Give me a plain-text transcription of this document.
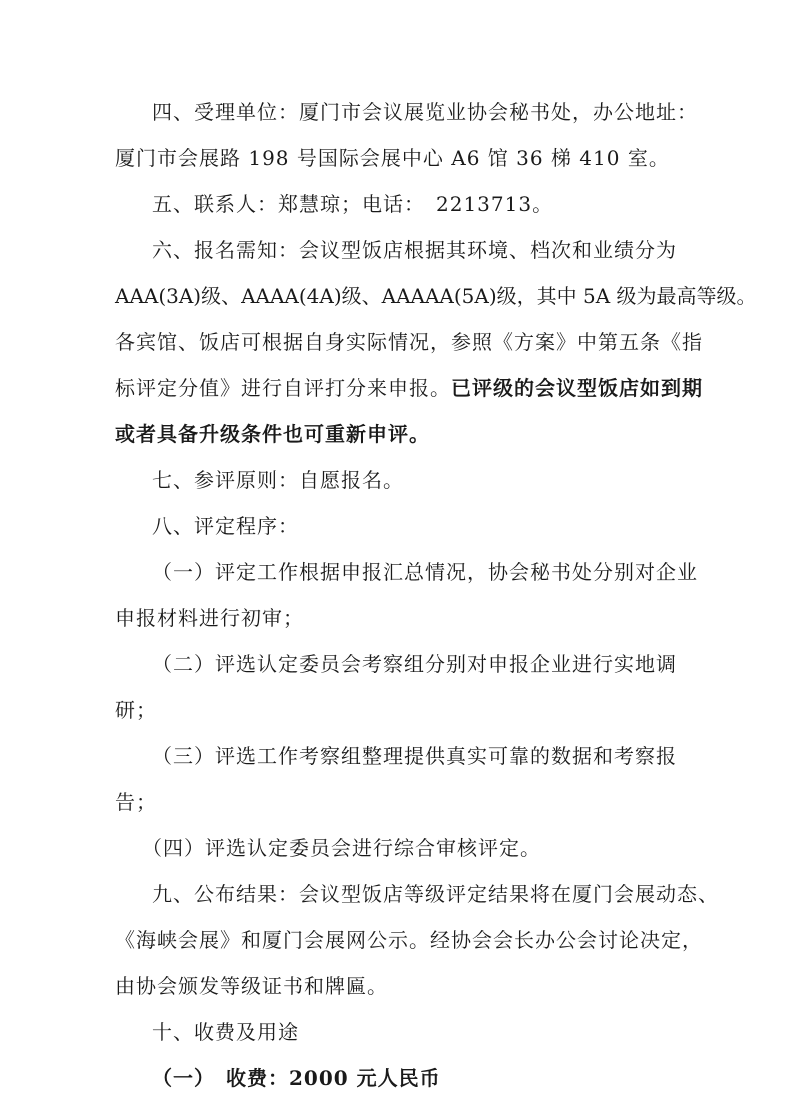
四、受理单位：厦门市会议展览业协会秘书处，办公地址：
厦门市会展路 198 号国际会展中心 A6 馆 36 梯 410 室。
五、联系人：郑慧琼；电话：　2213713。
六、报名需知：会议型饭店根据其环境、档次和业绩分为
AAA(3A)级、AAAA(4A)级、AAAAA(5A)级，其中 5A 级为最高等级。
各宾馆、饭店可根据自身实际情况，参照《方案》中第五条《指
标评定分值》进行自评打分来申报。已评级的会议型饭店如到期
或者具备升级条件也可重新申评。
七、参评原则：自愿报名。
八、评定程序：
（一）评定工作根据申报汇总情况，协会秘书处分别对企业
申报材料进行初审；
（二）评选认定委员会考察组分别对申报企业进行实地调
研；
（三）评选工作考察组整理提供真实可靠的数据和考察报
告；
（四）评选认定委员会进行综合审核评定。
九、公布结果：会议型饭店等级评定结果将在厦门会展动态、
《海峡会展》和厦门会展网公示。经协会会长办公会讨论决定，
由协会颁发等级证书和牌匾。
十、收费及用途
（一）　收费：2000 元人民币
